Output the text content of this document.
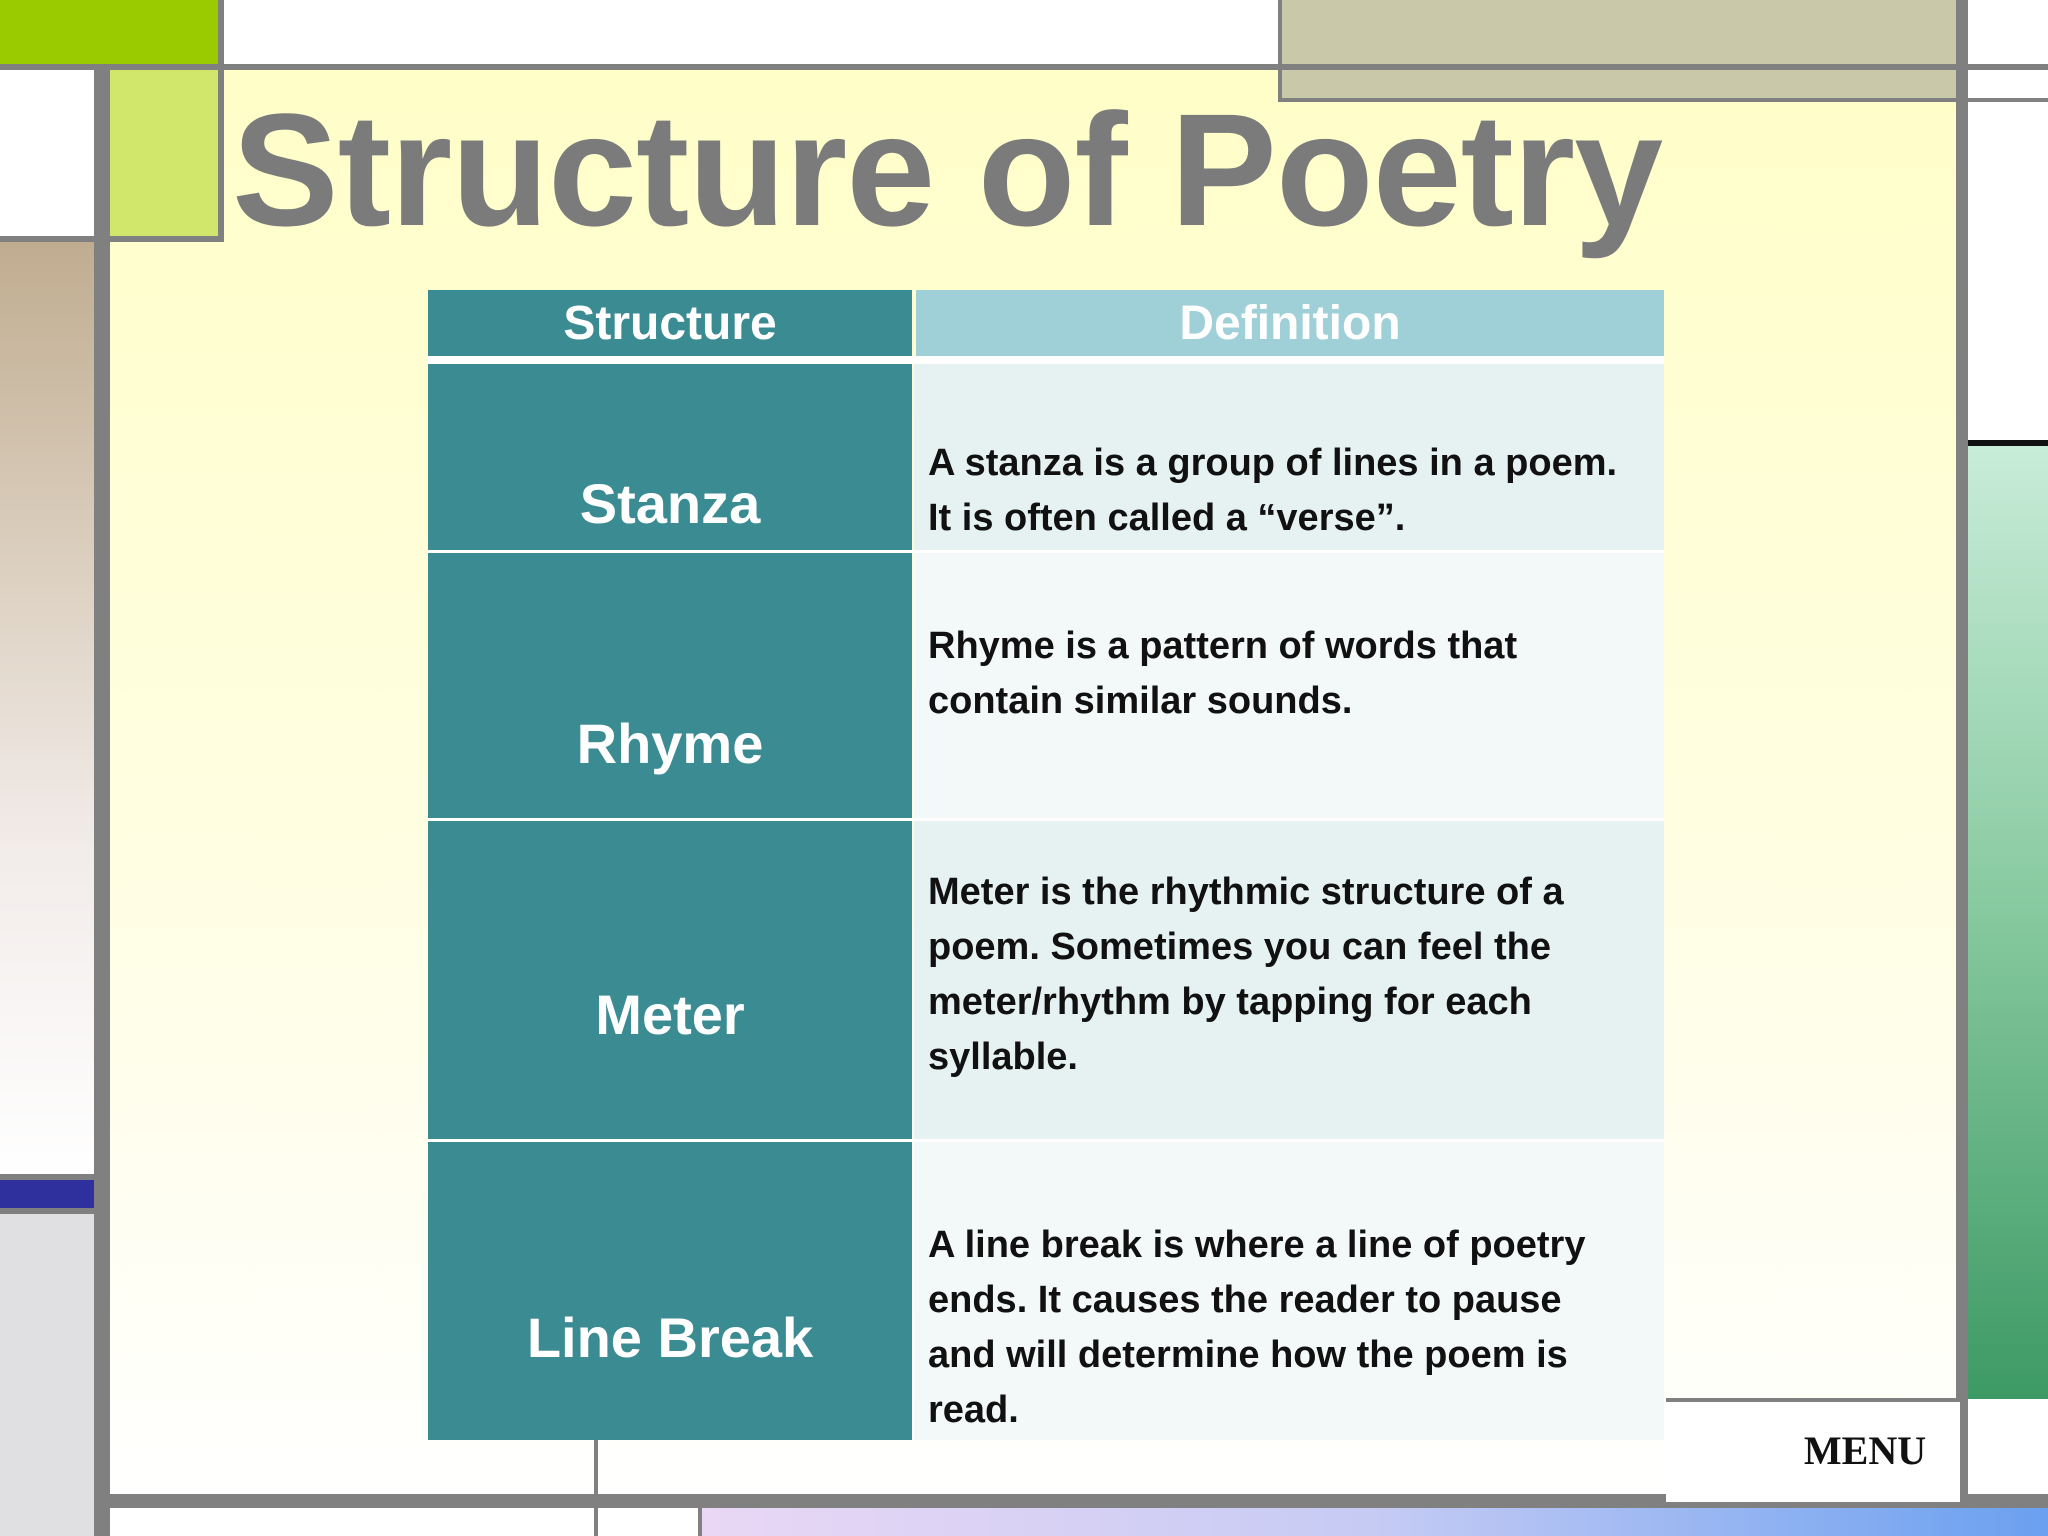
Structure of Poetry
Structure	Definition
Stanza
A stanza is a group of lines in a poem.
It is often called a “verse”.
Rhyme
Rhyme is a pattern of words that
contain similar sounds.
Meter
Meter is the rhythmic structure of a
poem. Sometimes you can feel the
meter/rhythm by tapping for each
syllable.
Line Break
A line break is where a line of poetry
ends. It causes the reader to pause
and will determine how the poem is
read.
MENU
